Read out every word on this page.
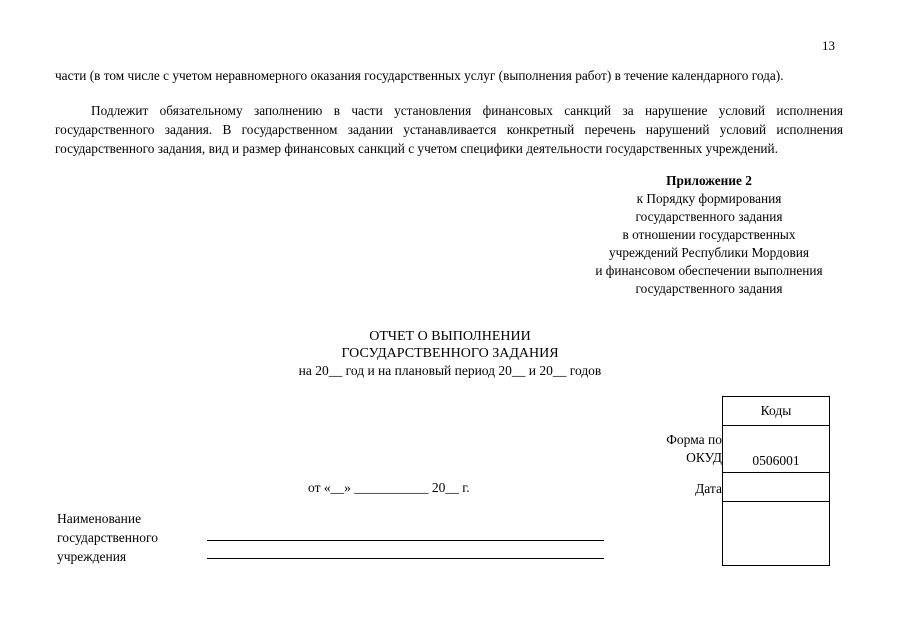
13
части (в том числе с учетом неравномерного оказания государственных услуг (выполнения работ) в течение календарного года).
Подлежит обязательному заполнению в части установления финансовых санкций за нарушение условий исполнения государственного задания. В государственном задании устанавливается конкретный перечень нарушений условий исполнения государственного задания, вид и размер финансовых санкций с учетом специфики деятельности государственных учреждений.
Приложение 2
к Порядку формирования
государственного задания
в отношении государственных
учреждений Республики Мордовия
и финансовом обеспечении выполнения
государственного задания
ОТЧЕТ О ВЫПОЛНЕНИИ
ГОСУДАРСТВЕННОГО ЗАДАНИЯ
на 20__ год и на плановый период 20__ и 20__ годов
от «__» ___________ 20__ г.
Форма по
ОКУД
Дата
Коды
0506001
Наименование
государственного
учреждения
